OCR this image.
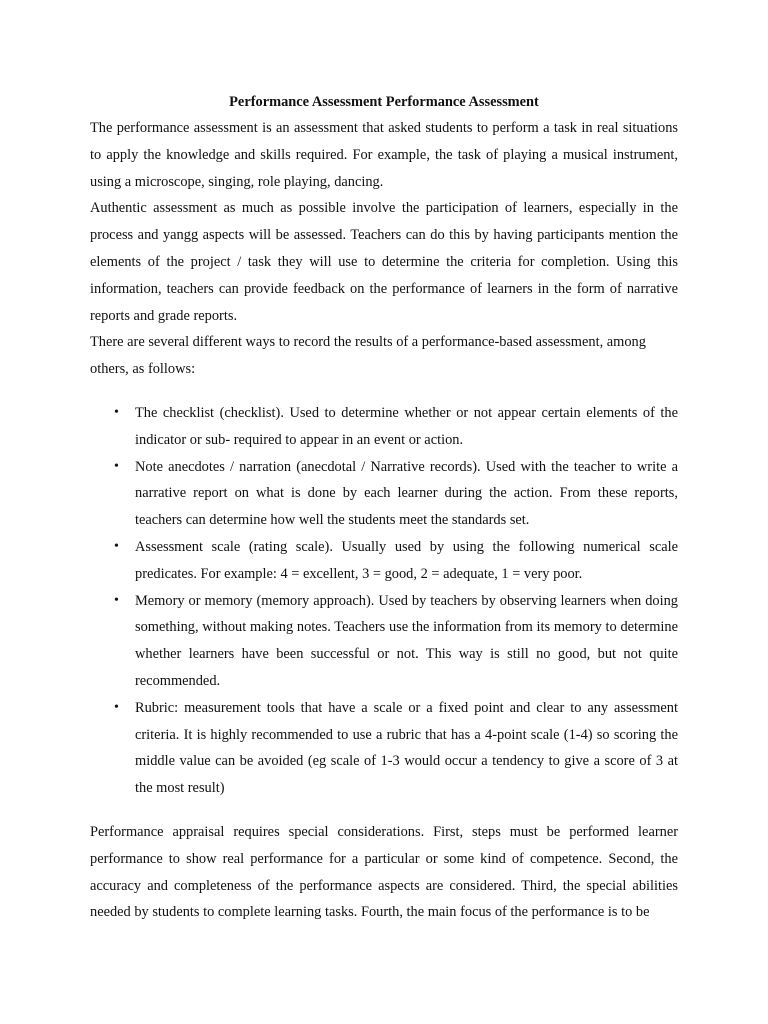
Performance Assessment Performance Assessment

The performance assessment is an assessment that asked students to perform a task in real situations to apply the knowledge and skills required. For example, the task of playing a musical instrument, using a microscope, singing, role playing, dancing.

Authentic assessment as much as possible involve the participation of learners, especially in the process and yangg aspects will be assessed. Teachers can do this by having participants mention the elements of the project / task they will use to determine the criteria for completion. Using this information, teachers can provide feedback on the performance of learners in the form of narrative reports and grade reports.

There are several different ways to record the results of a performance-based assessment, among others, as follows:

• The checklist (checklist). Used to determine whether or not appear certain elements of the indicator or sub- required to appear in an event or action.
• Note anecdotes / narration (anecdotal / Narrative records). Used with the teacher to write a narrative report on what is done by each learner during the action. From these reports, teachers can determine how well the students meet the standards set.
• Assessment scale (rating scale). Usually used by using the following numerical scale predicates. For example: 4 = excellent, 3 = good, 2 = adequate, 1 = very poor.
• Memory or memory (memory approach). Used by teachers by observing learners when doing something, without making notes. Teachers use the information from its memory to determine whether learners have been successful or not. This way is still no good, but not quite recommended.
• Rubric: measurement tools that have a scale or a fixed point and clear to any assessment criteria. It is highly recommended to use a rubric that has a 4-point scale (1-4) so scoring the middle value can be avoided (eg scale of 1-3 would occur a tendency to give a score of 3 at the most result)

Performance appraisal requires special considerations. First, steps must be performed learner performance to show real performance for a particular or some kind of competence. Second, the accuracy and completeness of the performance aspects are considered. Third, the special abilities needed by students to complete learning tasks. Fourth, the main focus of the performance is to be
